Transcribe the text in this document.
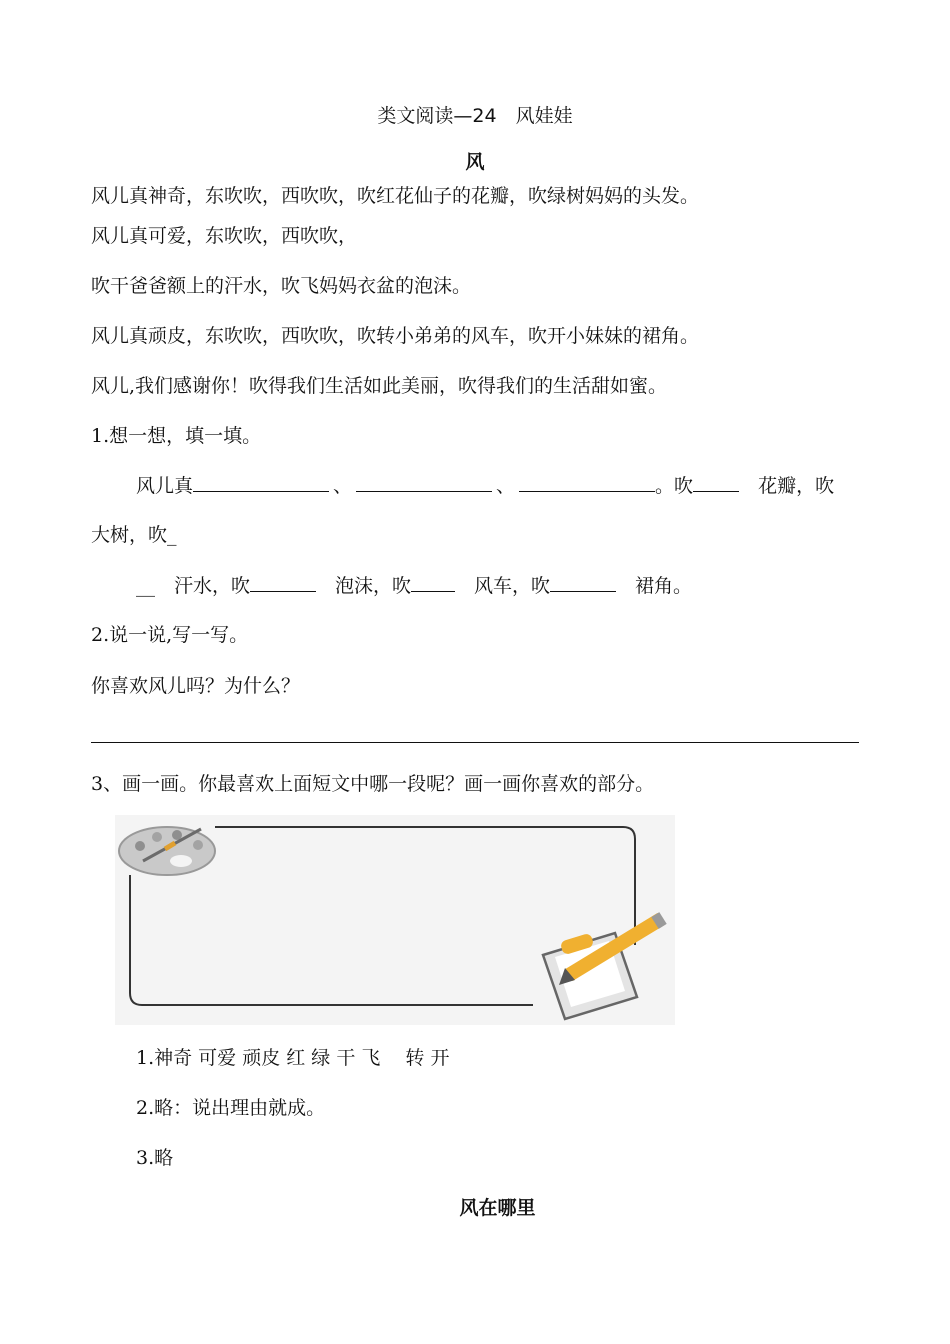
类文阅读—24　风娃娃
风
风儿真神奇，东吹吹，西吹吹，吹红花仙子的花瓣，吹绿树妈妈的头发。
风儿真可爱，东吹吹，西吹吹，
吹干爸爸额上的汗水，吹飞妈妈衣盆的泡沫。
风儿真顽皮，东吹吹，西吹吹，吹转小弟弟的风车，吹开小妹妹的裙角。
风儿,我们感谢你！吹得我们生活如此美丽，吹得我们的生活甜如蜜。
1.想一想，填一填。
风儿真	、	、	。吹　花瓣，吹
大树，吹_
__　汗水，吹	　泡沫，吹　风车，吹	　裙角。
2.说一说,写一写。
你喜欢风儿吗？为什么？
3、画一画。你最喜欢上面短文中哪一段呢？画一画你喜欢的部分。
1.神奇 可爱 顽皮 红 绿 干 飞　 转 开
2.略：说出理由就成。
3.略
风在哪里
